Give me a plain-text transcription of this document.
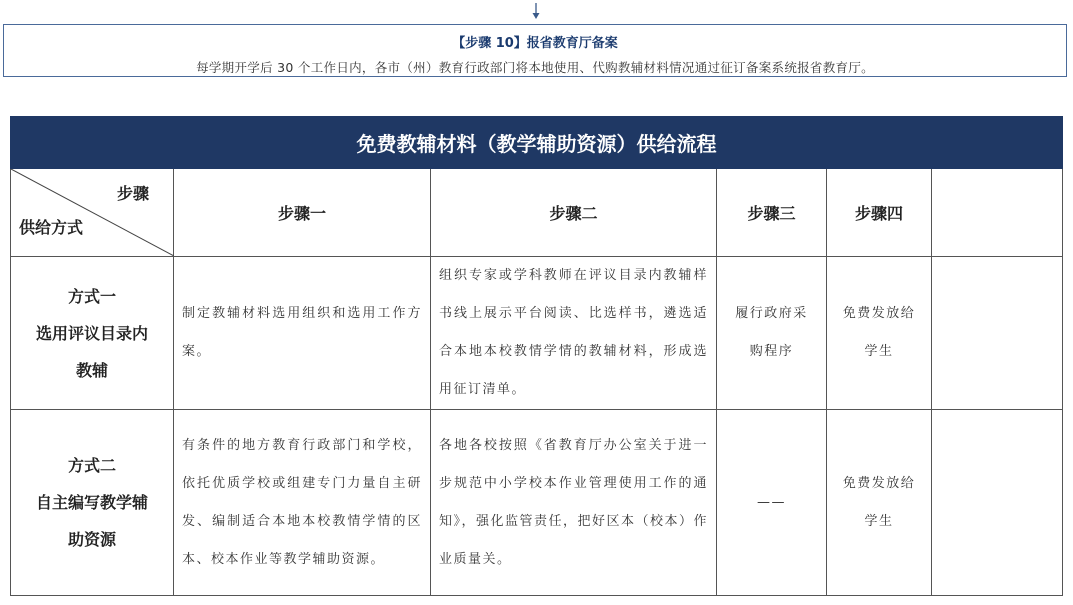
【步骤 10】报省教育厅备案
每学期开学后 30 个工作日内，各市（州）教育行政部门将本地使用、代购教辅材料情况通过征订备案系统报省教育厅。
免费教辅材料（教学辅助资源）供给流程					

步骤
供给方式	步骤一	步骤二	步骤三	步骤四	

方式一
选用评议目录内
教辅	制定教辅材料选用组织和选用工作方案。	组织专家或学科教师在评议目录内教辅样书线上展示平台阅读、比选样书，遴选适合本地本校教情学情的教辅材料，形成选用征订清单。	履行政府采购程序	免费发放给学生	

方式二
自主编写教学辅
助资源	有条件的地方教育行政部门和学校，依托优质学校或组建专门力量自主研发、编制适合本地本校教情学情的区本、校本作业等教学辅助资源。	各地各校按照《省教育厅办公室关于进一步规范中小学校本作业管理使用工作的通知》，强化监管责任，把好区本（校本）作业质量关。	——	免费发放给学生	
